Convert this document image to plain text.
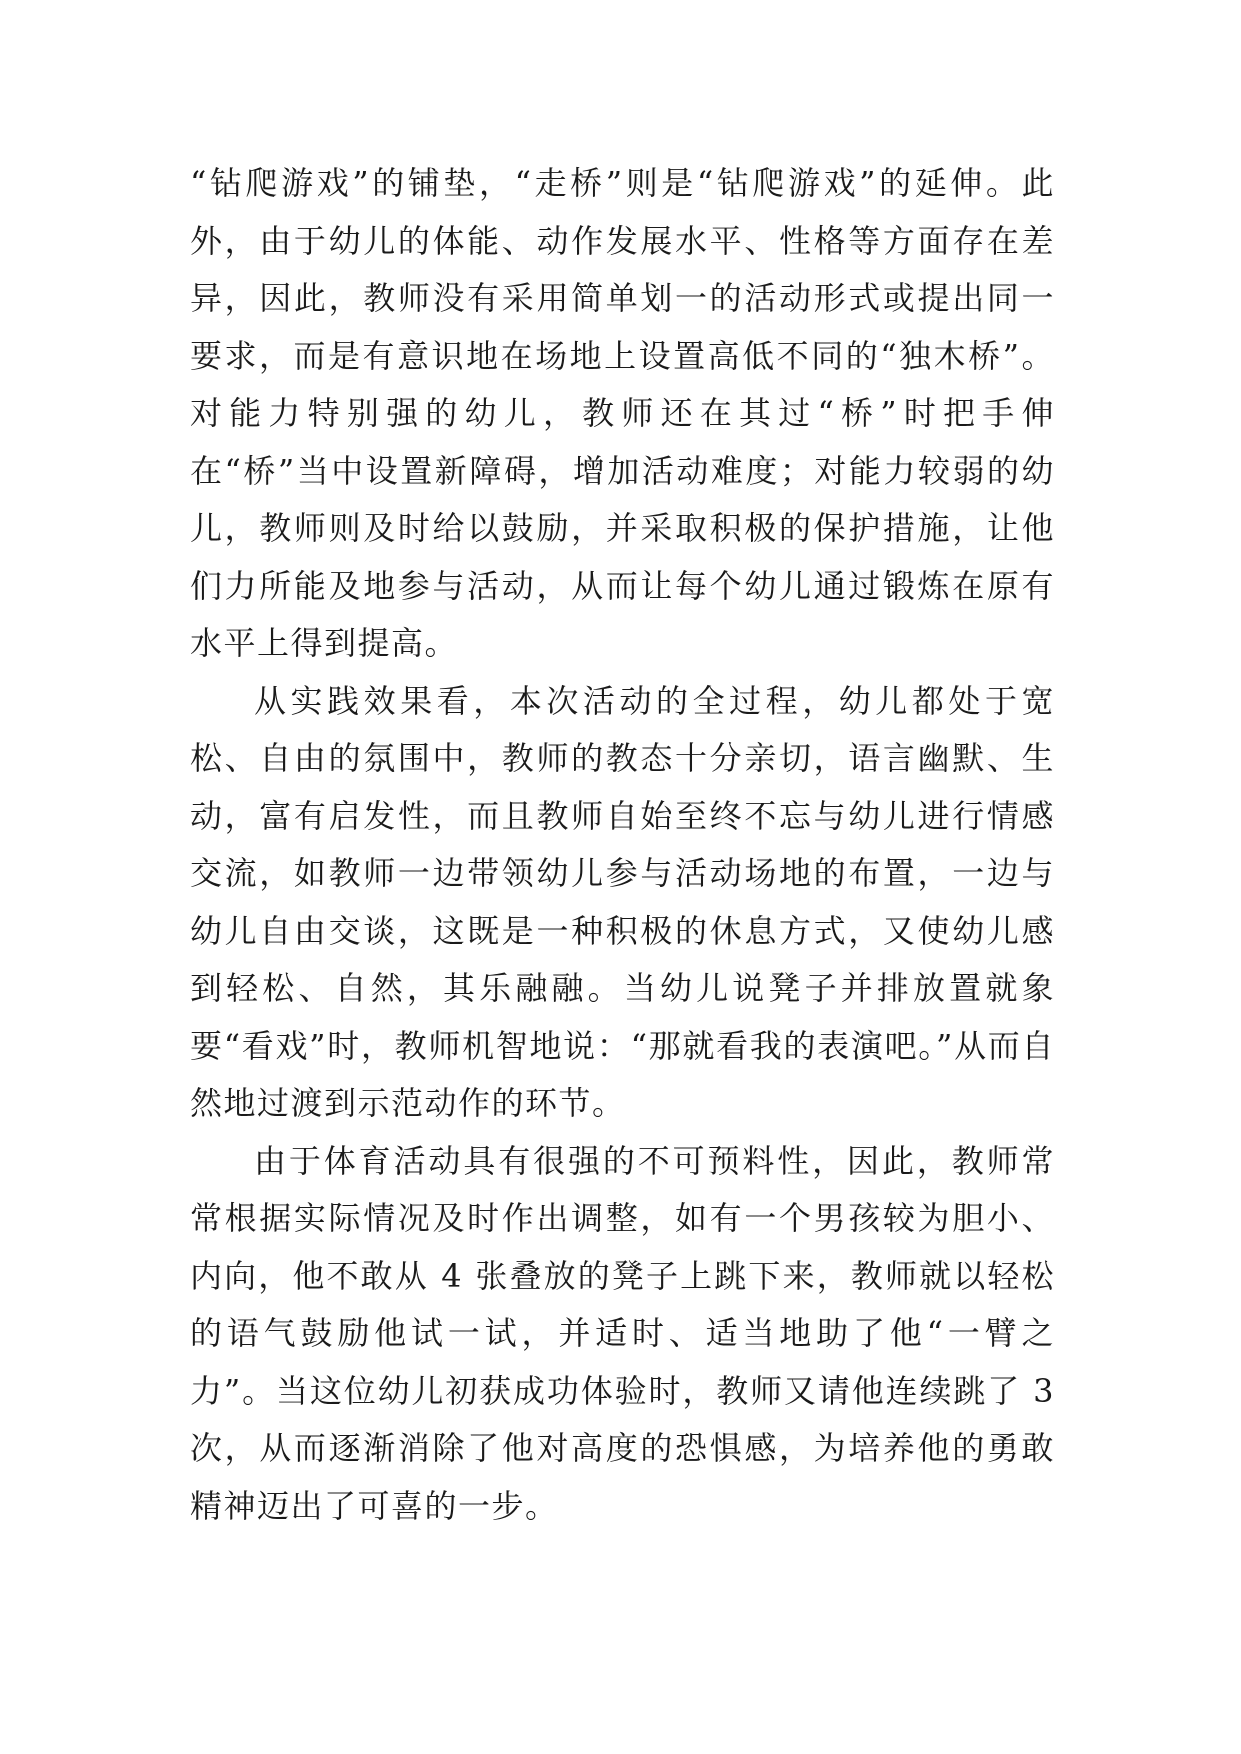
“钻爬游戏”的铺垫，“走桥”则是“钻爬游戏”的延伸。此外，由于幼儿的体能、动作发展水平、性格等方面存在差异，因此，教师没有采用简单划一的活动形式或提出同一要求，而是有意识地在场地上设置高低不同的“独木桥”。对能力特别强的幼儿，教师还在其过“桥”时把手伸在“桥”当中设置新障碍，增加活动难度；对能力较弱的幼儿，教师则及时给以鼓励，并采取积极的保护措施，让他们力所能及地参与活动，从而让每个幼儿通过锻炼在原有水平上得到提高。

从实践效果看，本次活动的全过程，幼儿都处于宽松、自由的氛围中，教师的教态十分亲切，语言幽默、生动，富有启发性，而且教师自始至终不忘与幼儿进行情感交流，如教师一边带领幼儿参与活动场地的布置，一边与幼儿自由交谈，这既是一种积极的休息方式，又使幼儿感到轻松、自然，其乐融融。当幼儿说凳子并排放置就象要“看戏”时，教师机智地说：“那就看我的表演吧。”从而自然地过渡到示范动作的环节。

由于体育活动具有很强的不可预料性，因此，教师常常根据实际情况及时作出调整，如有一个男孩较为胆小、内向，他不敢从 4 张叠放的凳子上跳下来，教师就以轻松的语气鼓励他试一试，并适时、适当地助了他“一臂之力”。当这位幼儿初获成功体验时，教师又请他连续跳了 3 次，从而逐渐消除了他对高度的恐惧感，为培养他的勇敢精神迈出了可喜的一步。
